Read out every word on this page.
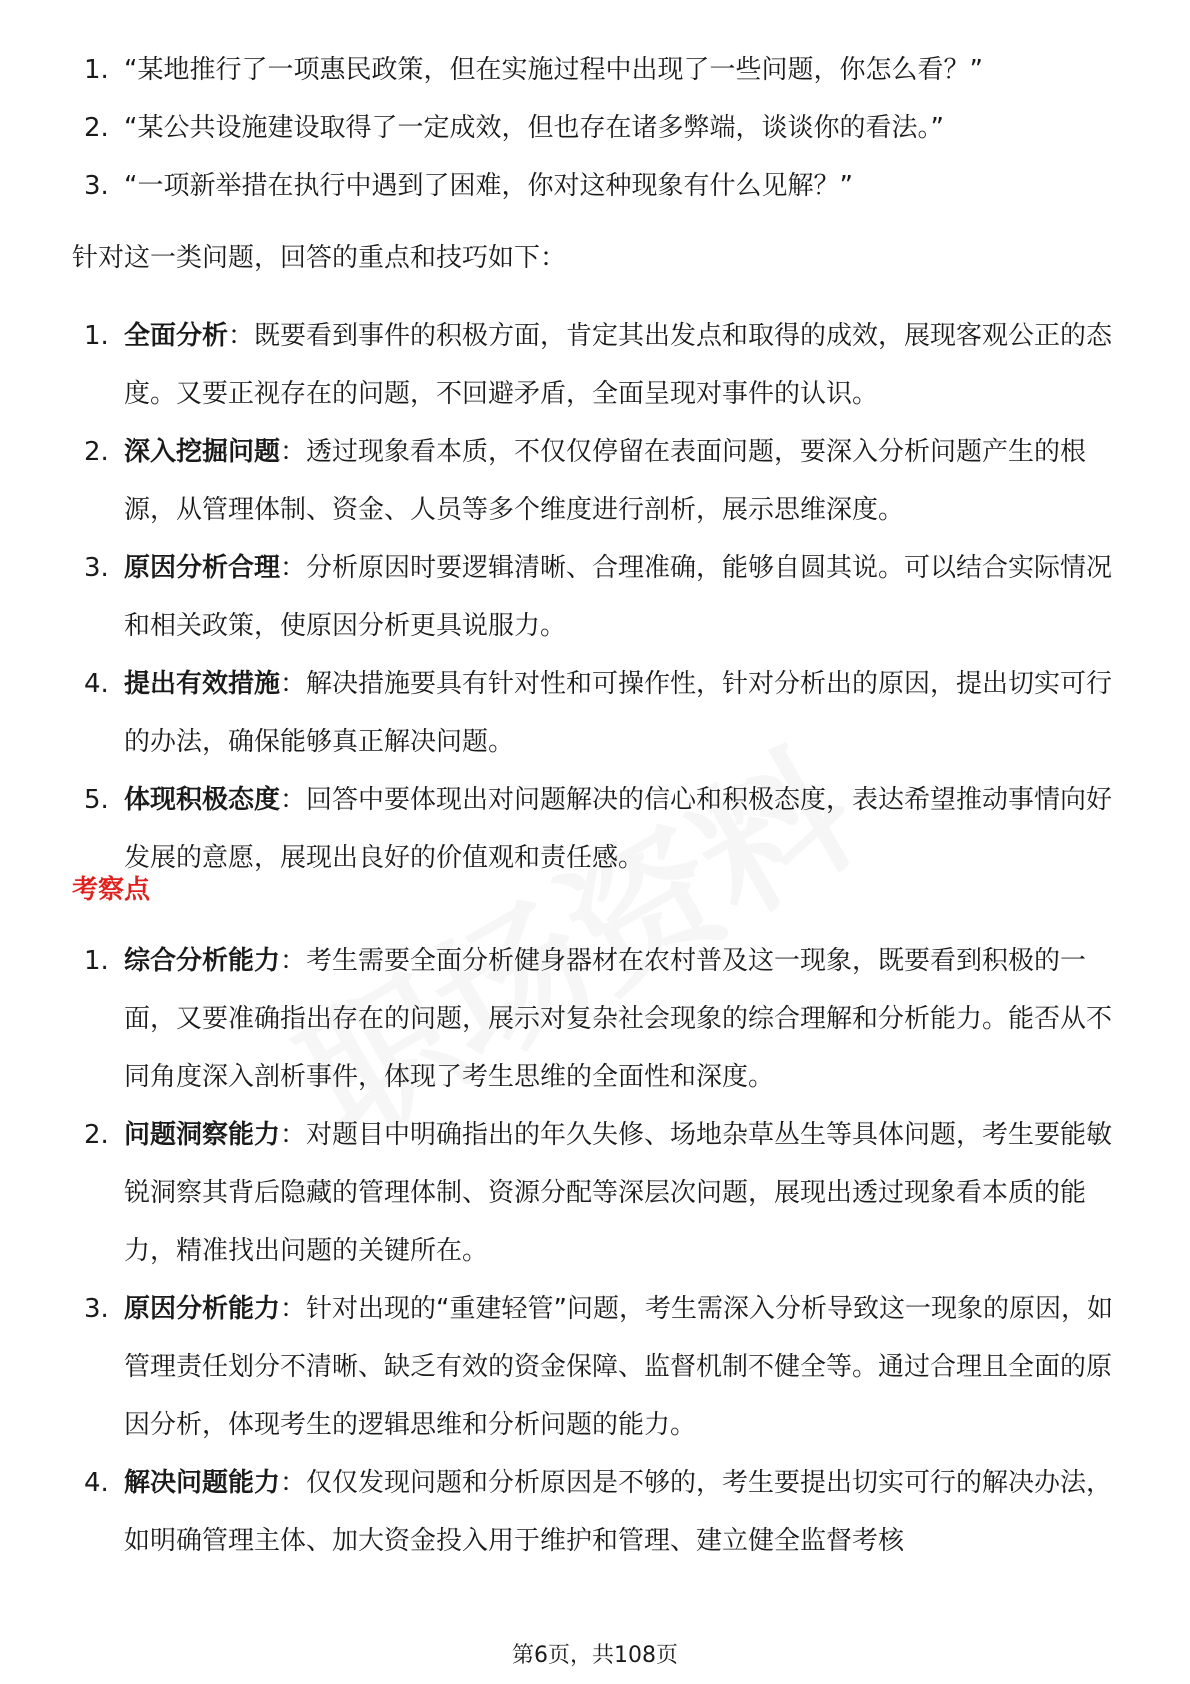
1. “某地推行了一项惠民政策，但在实施过程中出现了一些问题，你怎么看？”
2. “某公共设施建设取得了一定成效，但也存在诸多弊端，谈谈你的看法。”
3. “一项新举措在执行中遇到了困难，你对这种现象有什么见解？”
针对这一类问题，回答的重点和技巧如下：
1. 全面分析：既要看到事件的积极方面，肯定其出发点和取得的成效，展现客观公正的态度。又要正视存在的问题，不回避矛盾，全面呈现对事件的认识。
2. 深入挖掘问题：透过现象看本质，不仅仅停留在表面问题，要深入分析问题产生的根源，从管理体制、资金、人员等多个维度进行剖析，展示思维深度。
3. 原因分析合理：分析原因时要逻辑清晰、合理准确，能够自圆其说。可以结合实际情况和相关政策，使原因分析更具说服力。
4. 提出有效措施：解决措施要具有针对性和可操作性，针对分析出的原因，提出切实可行的办法，确保能够真正解决问题。
5. 体现积极态度：回答中要体现出对问题解决的信心和积极态度，表达希望推动事情向好发展的意愿，展现出良好的价值观和责任感。
考察点
1. 综合分析能力：考生需要全面分析健身器材在农村普及这一现象，既要看到积极的一面，又要准确指出存在的问题，展示对复杂社会现象的综合理解和分析能力。能否从不同角度深入剖析事件，体现了考生思维的全面性和深度。
2. 问题洞察能力：对题目中明确指出的年久失修、场地杂草丛生等具体问题，考生要能敏锐洞察其背后隐藏的管理体制、资源分配等深层次问题，展现出透过现象看本质的能力，精准找出问题的关键所在。
3. 原因分析能力：针对出现的“重建轻管”问题，考生需深入分析导致这一现象的原因，如管理责任划分不清晰、缺乏有效的资金保障、监督机制不健全等。通过合理且全面的原因分析，体现考生的逻辑思维和分析问题的能力。
4. 解决问题能力：仅仅发现问题和分析原因是不够的，考生要提出切实可行的解决办法，如明确管理主体、加大资金投入用于维护和管理、建立健全监督考核
第6页，共108页
